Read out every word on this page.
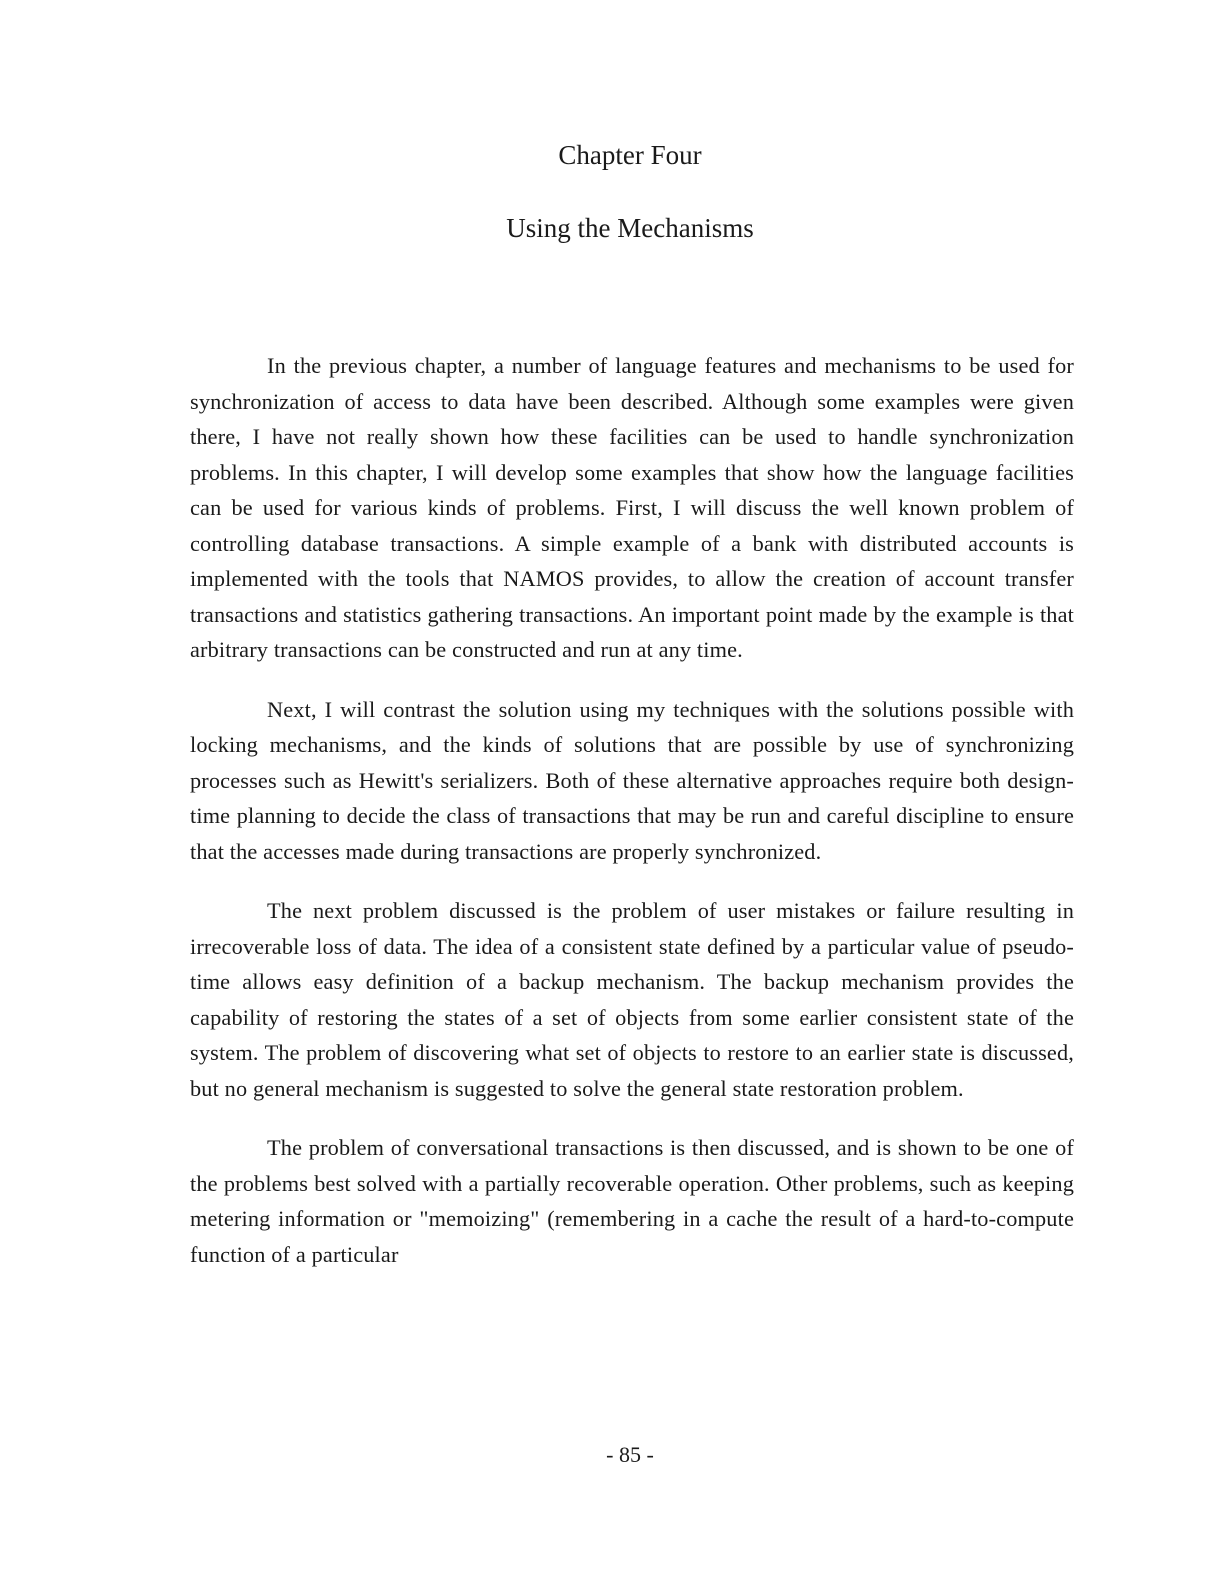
Chapter Four
Using the Mechanisms

In the previous chapter, a number of language features and mechanisms to be used for synchronization of access to data have been described. Although some examples were given there, I have not really shown how these facilities can be used to handle synchronization problems. In this chapter, I will develop some examples that show how the language facilities can be used for various kinds of problems. First, I will discuss the well known problem of controlling database transactions. A simple example of a bank with distributed accounts is implemented with the tools that NAMOS provides, to allow the creation of account transfer transactions and statistics gathering transactions. An important point made by the example is that arbitrary transactions can be constructed and run at any time.

Next, I will contrast the solution using my techniques with the solutions possible with locking mechanisms, and the kinds of solutions that are possible by use of synchronizing processes such as Hewitt's serializers. Both of these alternative approaches require both design-time planning to decide the class of transactions that may be run and careful discipline to ensure that the accesses made during transactions are properly synchronized.

The next problem discussed is the problem of user mistakes or failure resulting in irrecoverable loss of data. The idea of a consistent state defined by a particular value of pseudo-time allows easy definition of a backup mechanism. The backup mechanism provides the capability of restoring the states of a set of objects from some earlier consistent state of the system. The problem of discovering what set of objects to restore to an earlier state is discussed, but no general mechanism is suggested to solve the general state restoration problem.

The problem of conversational transactions is then discussed, and is shown to be one of the problems best solved with a partially recoverable operation. Other problems, such as keeping metering information or "memoizing" (remembering in a cache the result of a hard-to-compute function of a particular

- 85 -
